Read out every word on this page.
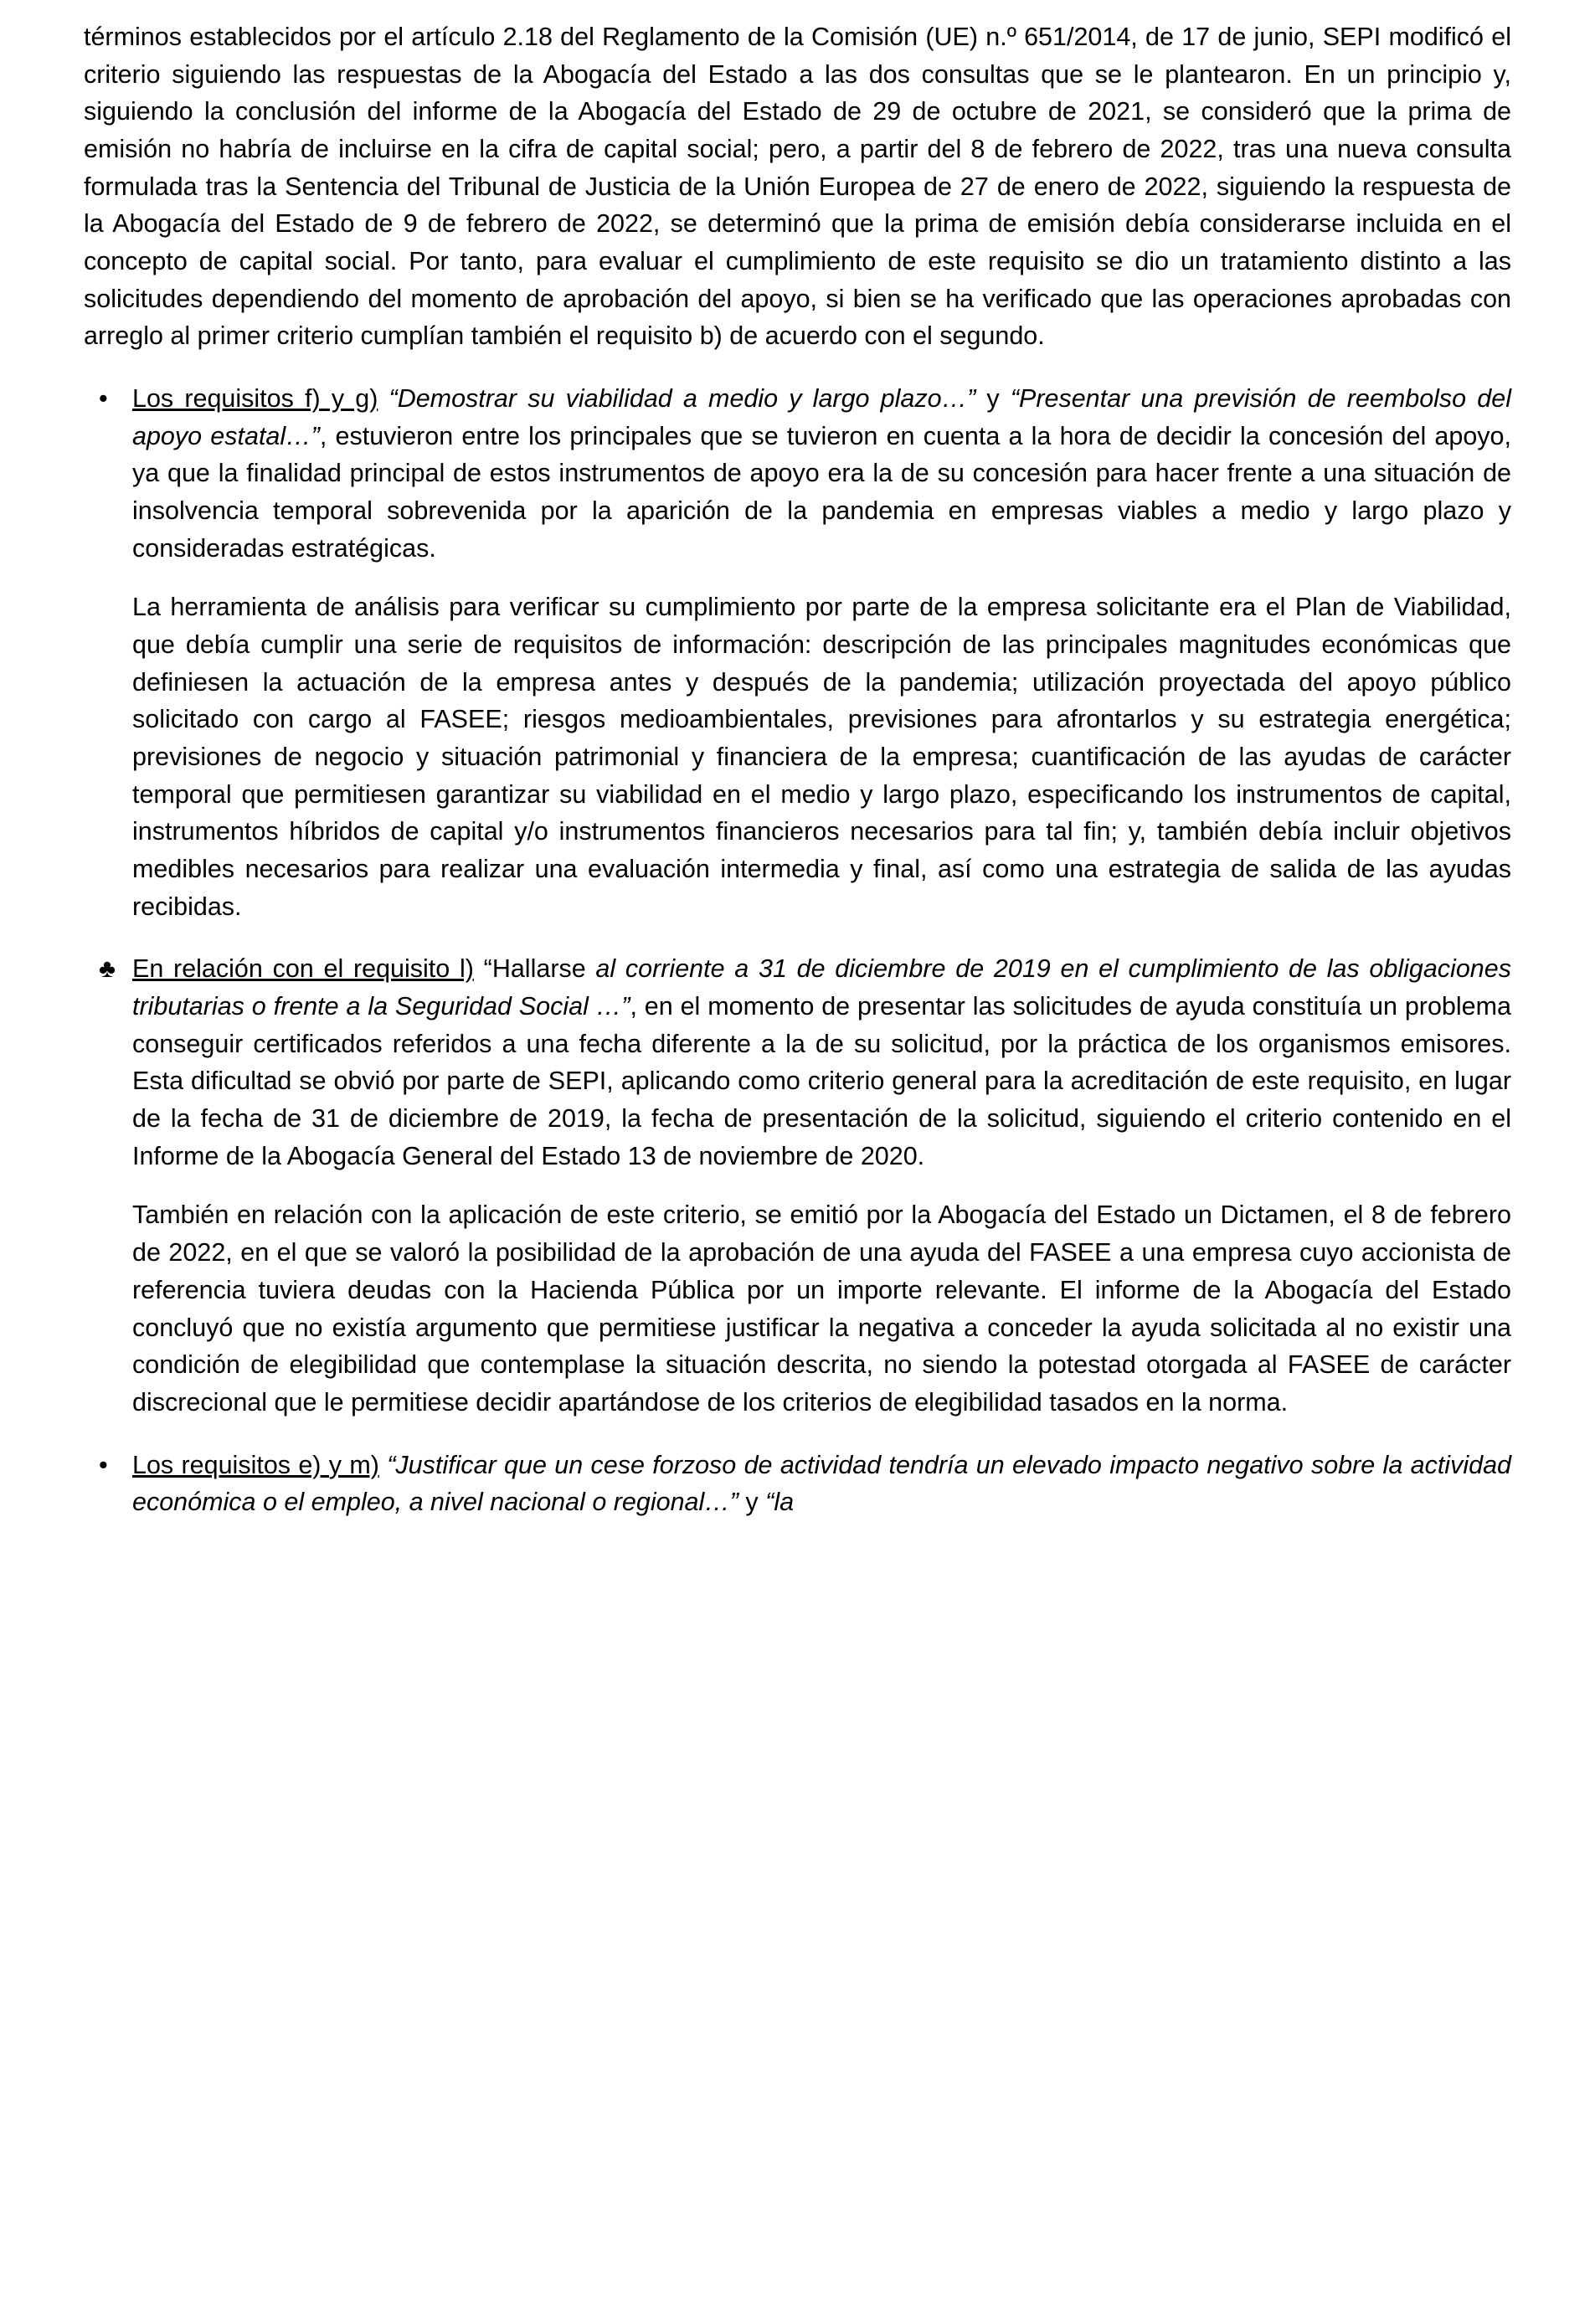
términos establecidos por el artículo 2.18 del Reglamento de la Comisión (UE) n.º 651/2014, de 17 de junio, SEPI modificó el criterio siguiendo las respuestas de la Abogacía del Estado a las dos consultas que se le plantearon. En un principio y, siguiendo la conclusión del informe de la Abogacía del Estado de 29 de octubre de 2021, se consideró que la prima de emisión no habría de incluirse en la cifra de capital social; pero, a partir del 8 de febrero de 2022, tras una nueva consulta formulada tras la Sentencia del Tribunal de Justicia de la Unión Europea de 27 de enero de 2022, siguiendo la respuesta de la Abogacía del Estado de 9 de febrero de 2022, se determinó que la prima de emisión debía considerarse incluida en el concepto de capital social. Por tanto, para evaluar el cumplimiento de este requisito se dio un tratamiento distinto a las solicitudes dependiendo del momento de aprobación del apoyo, si bien se ha verificado que las operaciones aprobadas con arreglo al primer criterio cumplían también el requisito b) de acuerdo con el segundo.

• Los requisitos f) y g) “Demostrar su viabilidad a medio y largo plazo…” y “Presentar una previsión de reembolso del apoyo estatal…”, estuvieron entre los principales que se tuvieron en cuenta a la hora de decidir la concesión del apoyo, ya que la finalidad principal de estos instrumentos de apoyo era la de su concesión para hacer frente a una situación de insolvencia temporal sobrevenida por la aparición de la pandemia en empresas viables a medio y largo plazo y consideradas estratégicas.

La herramienta de análisis para verificar su cumplimiento por parte de la empresa solicitante era el Plan de Viabilidad, que debía cumplir una serie de requisitos de información: descripción de las principales magnitudes económicas que definiesen la actuación de la empresa antes y después de la pandemia; utilización proyectada del apoyo público solicitado con cargo al FASEE; riesgos medioambientales, previsiones para afrontarlos y su estrategia energética; previsiones de negocio y situación patrimonial y financiera de la empresa; cuantificación de las ayudas de carácter temporal que permitiesen garantizar su viabilidad en el medio y largo plazo, especificando los instrumentos de capital, instrumentos híbridos de capital y/o instrumentos financieros necesarios para tal fin; y, también debía incluir objetivos medibles necesarios para realizar una evaluación intermedia y final, así como una estrategia de salida de las ayudas recibidas.

♣ En relación con el requisito l) “Hallarse al corriente a 31 de diciembre de 2019 en el cumplimiento de las obligaciones tributarias o frente a la Seguridad Social …”, en el momento de presentar las solicitudes de ayuda constituía un problema conseguir certificados referidos a una fecha diferente a la de su solicitud, por la práctica de los organismos emisores. Esta dificultad se obvió por parte de SEPI, aplicando como criterio general para la acreditación de este requisito, en lugar de la fecha de 31 de diciembre de 2019, la fecha de presentación de la solicitud, siguiendo el criterio contenido en el Informe de la Abogacía General del Estado 13 de noviembre de 2020.

También en relación con la aplicación de este criterio, se emitió por la Abogacía del Estado un Dictamen, el 8 de febrero de 2022, en el que se valoró la posibilidad de la aprobación de una ayuda del FASEE a una empresa cuyo accionista de referencia tuviera deudas con la Hacienda Pública por un importe relevante. El informe de la Abogacía del Estado concluyó que no existía argumento que permitiese justificar la negativa a conceder la ayuda solicitada al no existir una condición de elegibilidad que contemplase la situación descrita, no siendo la potestad otorgada al FASEE de carácter discrecional que le permitiese decidir apartándose de los criterios de elegibilidad tasados en la norma.

• Los requisitos e) y m) “Justificar que un cese forzoso de actividad tendría un elevado impacto negativo sobre la actividad económica o el empleo, a nivel nacional o regional…” y “la
